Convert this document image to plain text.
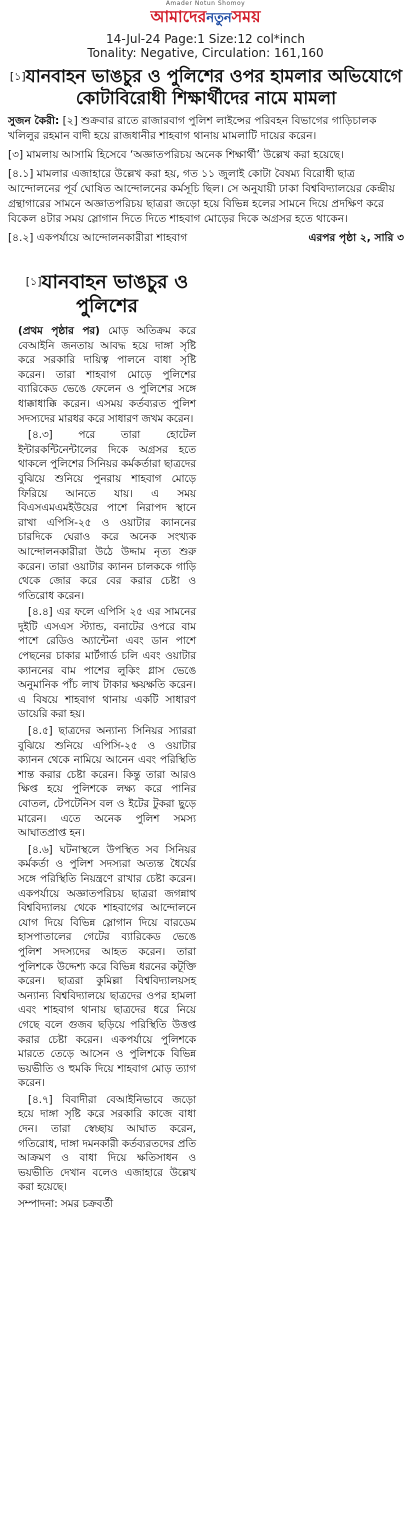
Amader Notun Shomoy
আমাদেরনতুনসময়
14-Jul-24 Page:1 Size:12 col*inch
Tonality: Negative, Circulation: 161,160
[১]যানবাহন ভাঙচুর ও পুলিশের ওপর হামলার অভিযোগে কোটাবিরোধী শিক্ষার্থীদের নামে মামলা

সুজন কৈরী: [২] শুক্রবার রাতে রাজারবাগ পুলিশ লাইন্সের পরিবহন বিভাগের গাড়িচালক খলিলুর রহমান বাদী হয়ে রাজধানীর শাহবাগ থানায় মামলাটি দায়ের করেন।

[৩] মামলায় আসামি হিসেবে ‘অজ্ঞাতপরিচয় অনেক শিক্ষার্থী’ উল্লেখ করা হয়েছে।

[৪.১] মামলার এজাহারে উল্লেখ করা হয়, গত ১১ জুলাই কোটা বৈষম্য বিরোধী ছাত্র আন্দোলনের পূর্ব ঘোষিত আন্দোলনের কর্মসূচি ছিল। সে অনুযায়ী ঢাকা বিশ্ববিদ্যালয়ের কেন্দ্রীয় গ্রন্থাগারের সামনে অজ্ঞাতপরিচয় ছাত্ররা জড়ো হয়ে বিভিন্ন হলের সামনে দিয়ে প্রদক্ষিণ করে বিকেল ৪টার সময় স্লোগান দিতে দিতে শাহবাগ মোড়ের দিকে অগ্রসর হতে থাকেন।

[৪.২] একপর্যায়ে আন্দোলনকারীরা শাহবাগ	এরপর পৃষ্ঠা ২, সারি ৩
[১]যানবাহন ভাঙচুর ও পুলিশের

(প্রথম পৃষ্ঠার পর) মোড় অতিক্রম করে বেআইনি জনতায় আবদ্ধ হয়ে দাঙ্গা সৃষ্টি করে সরকারি দায়িত্ব পালনে বাধা সৃষ্টি করেন। তারা শাহবাগ মোড়ে পুলিশের ব্যারিকেড ভেঙে ফেলেন ও পুলিশের সঙ্গে ধাক্কাধাক্কি করেন। এসময় কর্তব্যরত পুলিশ সদস্যদের মারধর করে সাধারণ জখম করেন।

[৪.৩] পরে তারা হোটেল ইন্টারকন্টিনেন্টালের দিকে অগ্রসর হতে থাকলে পুলিশের সিনিয়র কর্মকর্তারা ছাত্রদের বুঝিয়ে শুনিয়ে পুনরায় শাহবাগ মোড়ে ফিরিয়ে আনতে যায়। এ সময় বিএসএমএমইউয়ের পাশে নিরাপদ স্থানে রাখা এপিসি-২৫ ও ওয়াটার ক্যাননের চারদিকে ঘেরাও করে অনেক সংখ্যক আন্দোলনকারীরা উঠে উদ্দাম নৃত্য শুরু করেন। তারা ওয়াটার ক্যানন চালককে গাড়ি থেকে জোর করে বের করার চেষ্টা ও গতিরোধ করেন।

[৪.৪] এর ফলে এপিসি ২৫ এর সামনের দুইটি এসএস স্ট্যান্ড, বনাটের ওপরে বাম পাশে রেডিও অ্যান্টেনা এবং ডান পাশে পেছনের চাকার মার্টগার্ড চলি এবং ওয়াটার ক্যাননের বাম পাশের লুকিং গ্লাস ভেঙে অনুমানিক পাঁচ লাখ টাকার ক্ষয়ক্ষতি করেন। এ বিষয়ে শাহবাগ থানায় একটি সাধারণ ডায়েরি করা হয়।

[৪.৫] ছাত্রদের অন্যান্য সিনিয়র স্যাররা বুঝিয়ে শুনিয়ে এপিসি-২৫ ও ওয়াটার ক্যানন থেকে নামিয়ে আনেন এবং পরিস্থিতি শান্ত করার চেষ্টা করেন। কিন্তু তারা আরও ক্ষিপ্ত হয়ে পুলিশকে লক্ষ্য করে পানির বোতল, টেপটেনিস বল ও ইটের টুকরা ছুড়ে মারেন। এতে অনেক পুলিশ সমস্য আঘাতপ্রাপ্ত হন।

[৪.৬] ঘটনাস্থলে উপস্থিত সব সিনিয়র কর্মকর্তা ও পুলিশ সদস্যরা অত্যন্ত ধৈর্যের সঙ্গে পরিস্থিতি নিয়ন্ত্রণে রাখার চেষ্টা করেন। একপর্যায়ে অজ্ঞাতপরিচয় ছাত্ররা জগন্নাথ বিশ্ববিদ্যালয় থেকে শাহবাগের আন্দোলনে যোগ দিয়ে বিভিন্ন স্লোগান দিয়ে বারডেম হাসপাতালের গেটের ব্যারিকেড ভেঙে পুলিশ সদস্যদের আহত করেন। তারা পুলিশকে উদ্দেশ্য করে বিভিন্ন ধরনের কটূক্তি করেন। ছাত্ররা কুমিল্লা বিশ্ববিদ্যালয়সহ অন্যান্য বিশ্ববিদ্যালয়ে ছাত্রদের ওপর হামলা এবং শাহবাগ থানায় ছাত্রদের ধরে নিয়ে গেছে বলে গুজব ছড়িয়ে পরিস্থিতি উত্তপ্ত করার চেষ্টা করেন। একপর্যায়ে পুলিশকে মারতে তেড়ে আসেন ও পুলিশকে বিভিন্ন ভয়ভীতি ও হুমকি দিয়ে শাহবাগ মোড় ত্যাগ করেন।

[৪.৭] বিবাদীরা বেআইনিভাবে জড়ো হয়ে দাঙ্গা সৃষ্টি করে সরকারি কাজে বাধা দেন। তারা স্বেচ্ছায় আঘাত করেন, গতিরোধ, দাঙ্গা দমনকারী কর্তব্যরতদের প্রতি আক্রমণ ও বাধা দিয়ে ক্ষতিসাধন ও ভয়ভীতি দেখান বলেও এজাহারে উল্লেখ করা হয়েছে।

সম্পাদনা: সমর চক্রবর্তী
